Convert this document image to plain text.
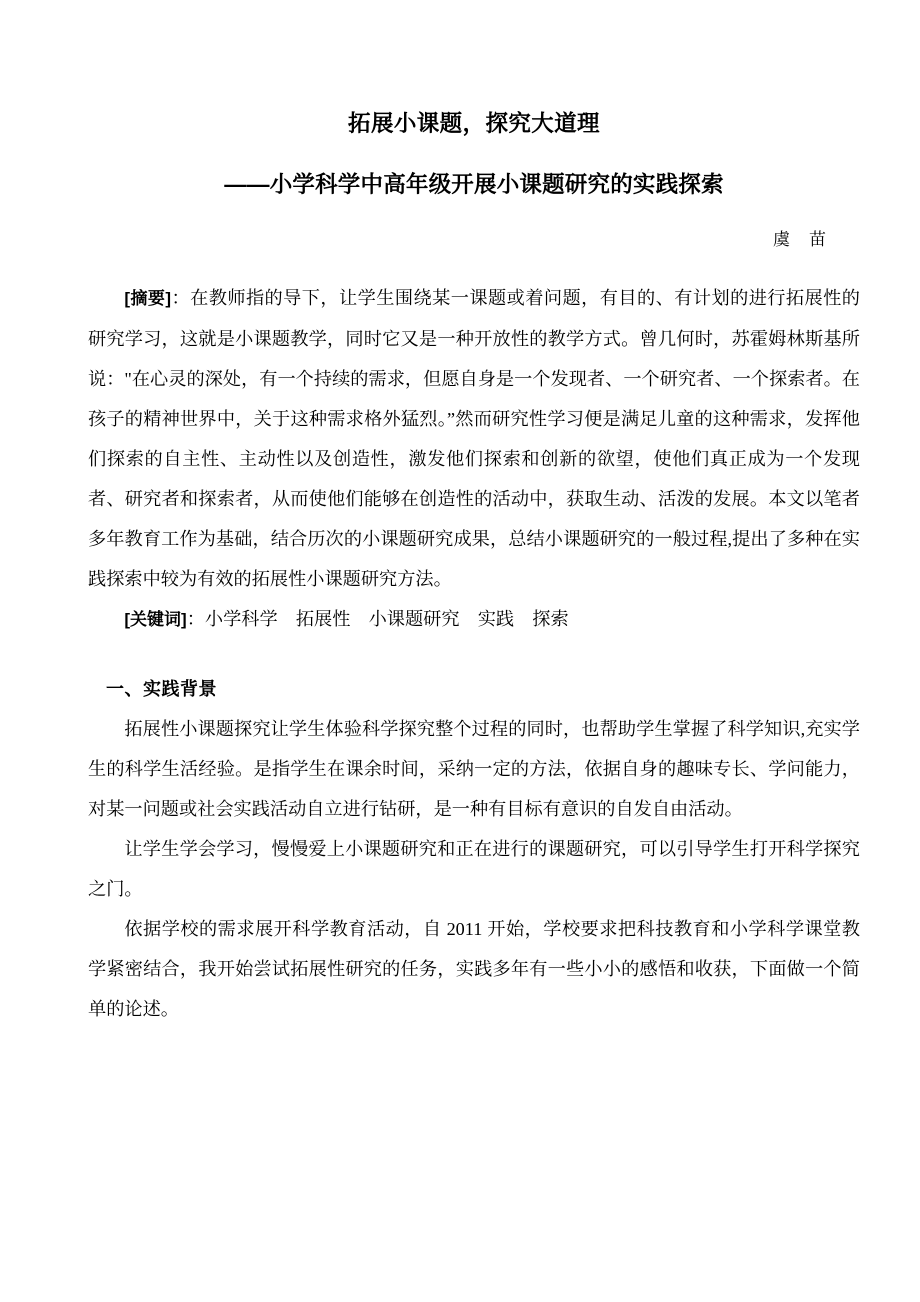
拓展小课题，探究大道理
——小学科学中高年级开展小课题研究的实践探索
虞　苗

[摘要]：在教师指的导下，让学生围绕某一课题或着问题，有目的、有计划的进行拓展性的研究学习，这就是小课题教学，同时它又是一种开放性的教学方式。曾几何时，苏霍姆林斯基所说："在心灵的深处，有一个持续的需求，但愿自身是一个发现者、一个研究者、一个探索者。在孩子的精神世界中，关于这种需求格外猛烈。”然而研究性学习便是满足儿童的这种需求，发挥他们探索的自主性、主动性以及创造性，激发他们探索和创新的欲望，使他们真正成为一个发现者、研究者和探索者，从而使他们能够在创造性的活动中，获取生动、活泼的发展。本文以笔者多年教育工作为基础，结合历次的小课题研究成果，总结小课题研究的一般过程,提出了多种在实践探索中较为有效的拓展性小课题研究方法。

[关键词]：小学科学　拓展性　小课题研究　实践　探索

一、实践背景

拓展性小课题探究让学生体验科学探究整个过程的同时，也帮助学生掌握了科学知识,充实学生的科学生活经验。是指学生在课余时间，采纳一定的方法，依据自身的趣味专长、学问能力，对某一问题或社会实践活动自立进行钻研，是一种有目标有意识的自发自由活动。

让学生学会学习，慢慢爱上小课题研究和正在进行的课题研究，可以引导学生打开科学探究之门。

依据学校的需求展开科学教育活动，自 2011 开始，学校要求把科技教育和小学科学课堂教学紧密结合，我开始尝试拓展性研究的任务，实践多年有一些小小的感悟和收获，下面做一个简单的论述。
